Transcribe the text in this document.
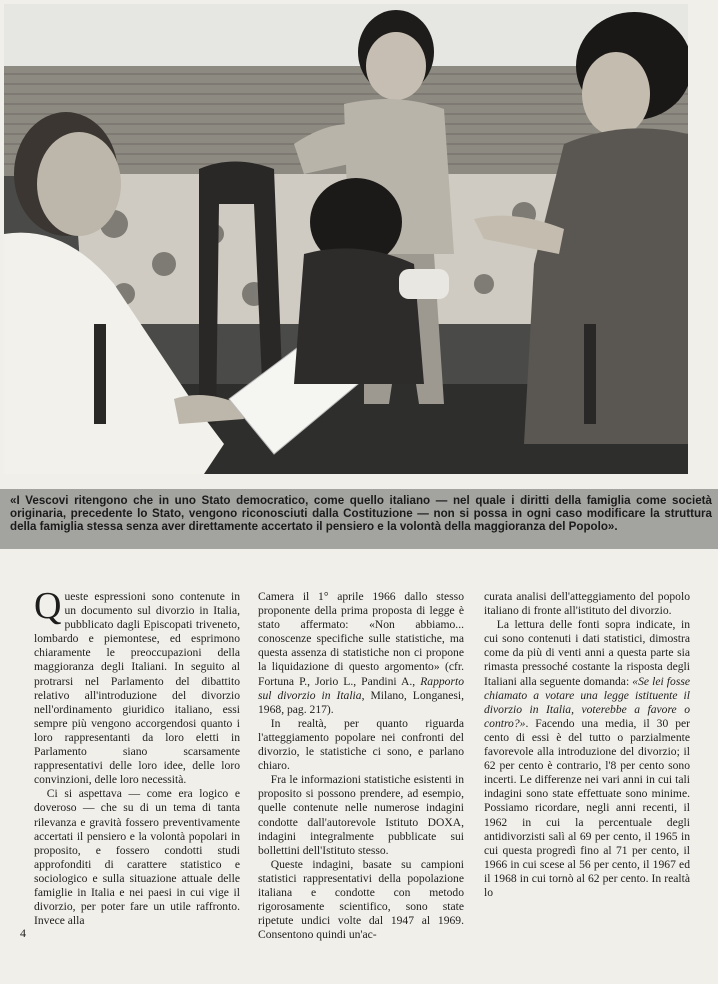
«I Vescovi ritengono che in uno Stato democratico, come quello italiano — nel quale i diritti della famiglia come società originaria, precedente lo Stato, vengono riconosciuti dalla Costituzione — non si possa in ogni caso modificare la struttura della famiglia stessa senza aver direttamente accertato il pensiero e la volontà della maggioranza del Popolo».

Queste espressioni sono contenute in un documento sul divorzio in Italia, pubblicato dagli Episcopati triveneto, lombardo e piemontese, ed esprimono chiaramente le preoccupazioni della maggioranza degli Italiani. In seguito al protrarsi nel Parlamento del dibattito relativo all'introduzione del divorzio nell'ordinamento giuridico italiano, essi sempre più vengono accorgendosi quanto i loro rappresentanti da loro eletti in Parlamento siano scarsamente rappresentativi delle loro idee, delle loro convinzioni, delle loro necessità.

Ci si aspettava — come era logico e doveroso — che su di un tema di tanta rilevanza e gravità fossero preventivamente accertati il pensiero e la volontà popolari in proposito, e fossero condotti studi approfonditi di carattere statistico e sociologico e sulla situazione attuale delle famiglie in Italia e nei paesi in cui vige il divorzio, per poter fare un utile raffronto. Invece alla

Camera il 1° aprile 1966 dallo stesso proponente della prima proposta di legge è stato affermato: «Non abbiamo... conoscenze specifiche sulle statistiche, ma questa assenza di statistiche non ci propone la liquidazione di questo argomento» (cfr. Fortuna P., Jorio L., Pandini A., Rapporto sul divorzio in Italia, Milano, Longanesi, 1968, pag. 217).

In realtà, per quanto riguarda l'atteggiamento popolare nei confronti del divorzio, le statistiche ci sono, e parlano chiaro.

Fra le informazioni statistiche esistenti in proposito si possono prendere, ad esempio, quelle contenute nelle numerose indagini condotte dall'autorevole Istituto DOXA, indagini integralmente pubblicate sui bollettini dell'Istituto stesso.

Queste indagini, basate su campioni statistici rappresentativi della popolazione italiana e condotte con metodo rigorosamente scientifico, sono state ripetute undici volte dal 1947 al 1969. Consentono quindi un'ac-

curata analisi dell'atteggiamento del popolo italiano di fronte all'istituto del divorzio.

La lettura delle fonti sopra indicate, in cui sono contenuti i dati statistici, dimostra come da più di venti anni a questa parte sia rimasta pressoché costante la risposta degli Italiani alla seguente domanda: «Se lei fosse chiamato a votare una legge istituente il divorzio in Italia, voterebbe a favore o contro?». Facendo una media, il 30 per cento di essi è del tutto o parzialmente favorevole alla introduzione del divorzio; il 62 per cento è contrario, l'8 per cento sono incerti. Le differenze nei vari anni in cui tali indagini sono state effettuate sono minime. Possiamo ricordare, negli anni recenti, il 1962 in cui la percentuale degli antidivorzisti salì al 69 per cento, il 1965 in cui questa progredì fino al 71 per cento, il 1966 in cui scese al 56 per cento, il 1967 ed il 1968 in cui tornò al 62 per cento. In realtà lo

4
